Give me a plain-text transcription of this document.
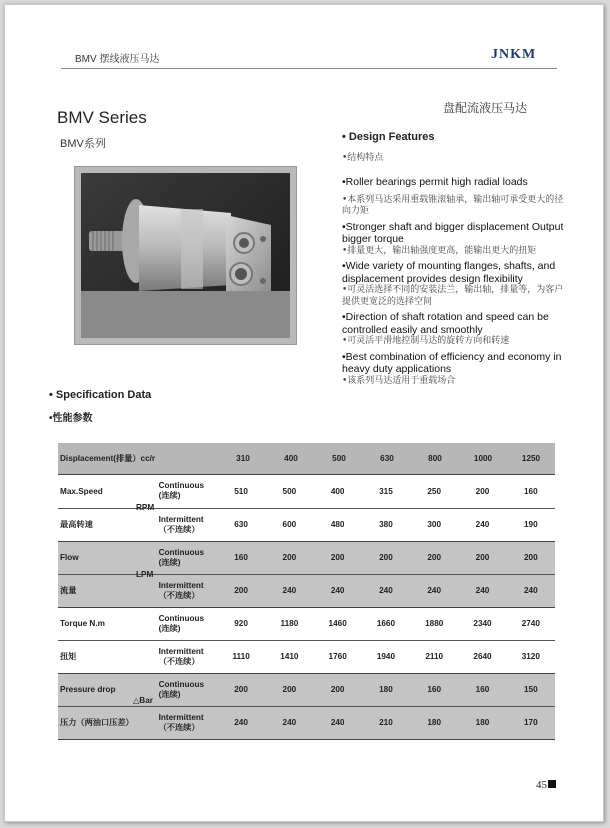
BMV 摆线液压马达	JNKM
BMV Series
BMV系列
盘配流液压马达
• Design Features
•结构特点
•Roller bearings permit high radial loads
•本系列马达采用重载锥滚轴承，输出轴可承受更大的径向力矩
•Stronger shaft and bigger displacement Output bigger torque
•排量更大，输出轴强度更高，能输出更大的扭矩
•Wide variety of mounting flanges, shafts, and displacement provides design flexibility
•可灵活选择不同的安装法兰，输出轴，排量等，为客户提供更宽泛的选择空间
•Direction of shaft rotation and speed can be controlled easily and smoothly
•可灵活平滑地控制马达的旋转方向和转速
•Best combination of efficiency and economy in heavy duty applications
•该系列马达适用于重载场合
• Specification Data
•性能参数
Displacement(排量）cc/r		310	400	500	630	800	1000	1250
Max.Speed	Continuous
(连续)	510	500	400	315	250	200	160
最高转速	Intermittent
（不连续）	630	600	480	380	300	240	190
Flow	Continuous
(连续)	160	200	200	200	200	200	200
流量	Intermittent
（不连续）	200	240	240	240	240	240	240
Torque N.m	Continuous
(连续)	920	1180	1460	1660	1880	2340	2740
扭矩	Intermittent
（不连续）	1110	1410	1760	1940	2110	2640	3120
Pressure drop	Continuous
(连续)	200	200	200	180	160	160	150
压力（两油口压差）	Intermittent
（不连续）	240	240	240	210	180	180	170
RPM
LPM
△Bar
45
